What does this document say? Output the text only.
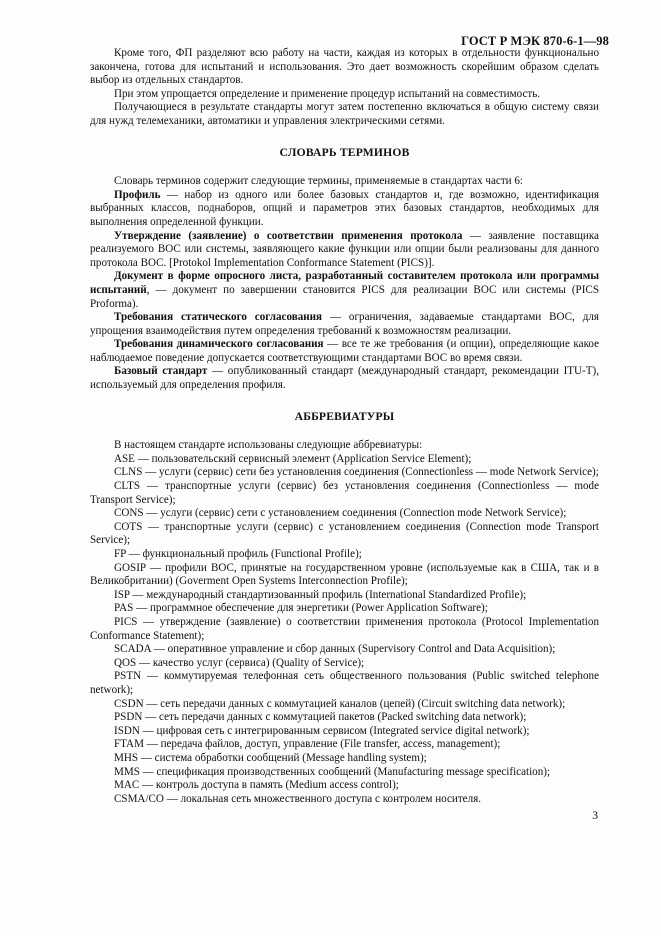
ГОСТ Р МЭК 870-6-1—98

Кроме того, ФП разделяют всю работу на части, каждая из которых в отдельности функционально закончена, готова для испытаний и использования. Это дает возможность скорейшим образом сделать выбор из отдельных стандартов.

При этом упрощается определение и применение процедур испытаний на совместимость.

Получающиеся в результате стандарты могут затем постепенно включаться в общую систему связи для нужд телемеханики, автоматики и управления электрическими сетями.

СЛОВАРЬ ТЕРМИНОВ

Словарь терминов содержит следующие термины, применяемые в стандартах части 6:

Профиль — набор из одного или более базовых стандартов и, где возможно, идентификация выбранных классов, поднаборов, опций и параметров этих базовых стандартов, необходимых для выполнения определенной функции.

Утверждение (заявление) о соответствии применения протокола — заявление поставщика реализуемого ВОС или системы, заявляющего какие функции или опции были реализованы для данного протокола ВОС. [Protokol Implementation Conformance Statement (PICS)].

Документ в форме опросного листа, разработанный составителем протокола или программы испытаний, — документ по завершении становится PICS для реализации ВОС или системы (PICS Proforma).

Требования статического согласования — ограничения, задаваемые стандартами ВОС, для упрощения взаимодействия путем определения требований к возможностям реализации.

Требования динамического согласования — все те же требования (и опции), определяющие какое наблюдаемое поведение допускается соответствующими стандартами ВОС во время связи.

Базовый стандарт — опубликованный стандарт (международный стандарт, рекомендации ITU-T), используемый для определения профиля.

АББРЕВИАТУРЫ

В настоящем стандарте использованы следующие аббревиатуры:

ASE — пользовательский сервисный элемент (Application Service Element);

CLNS — услуги (сервис) сети без установления соединения (Connectionless — mode Network Service);

CLTS — транспортные услуги (сервис) без установления соединения (Connectionless — mode Transport Service);

CONS — услуги (сервис) сети с установлением соединения (Connection mode Network Service);

COTS — транспортные услуги (сервис) с установлением соединения (Connection mode Transport Service);

FP — функциональный профиль (Functional Profile);

GOSIP — профили ВОС, принятые на государственном уровне (используемые как в США, так и в Великобритании) (Goverment Open Systems Interconnection Profile);

ISP — международный стандартизованный профиль (International Standardized Profile);

PAS — программное обеспечение для энергетики (Power Application Software);

PICS — утверждение (заявление) о соответствии применения протокола (Protocol Implementation Conformance Statement);

SCADA — оперативное управление и сбор данных (Supervisory Control and Data Acquisition);

QOS — качество услуг (сервиса) (Quality of Service);

PSTN — коммутируемая телефонная сеть общественного пользования (Public switched telephone network);

CSDN — сеть передачи данных с коммутацией каналов (цепей) (Circuit switching data network);

PSDN — сеть передачи данных с коммутацией пакетов (Packed switching data network);

ISDN — цифровая сеть с интегрированным сервисом (Integrated service digital network);

FTAM — передача файлов, доступ, управление (File transfer, access, management);

MHS — система обработки сообщений (Message handling system);

MMS — спецификация производственных сообщений (Manufacturing message specification);

MAC — контроль доступа в память (Medium access control);

CSMA/CO — локальная сеть множественного доступа с контролем носителя.

3
